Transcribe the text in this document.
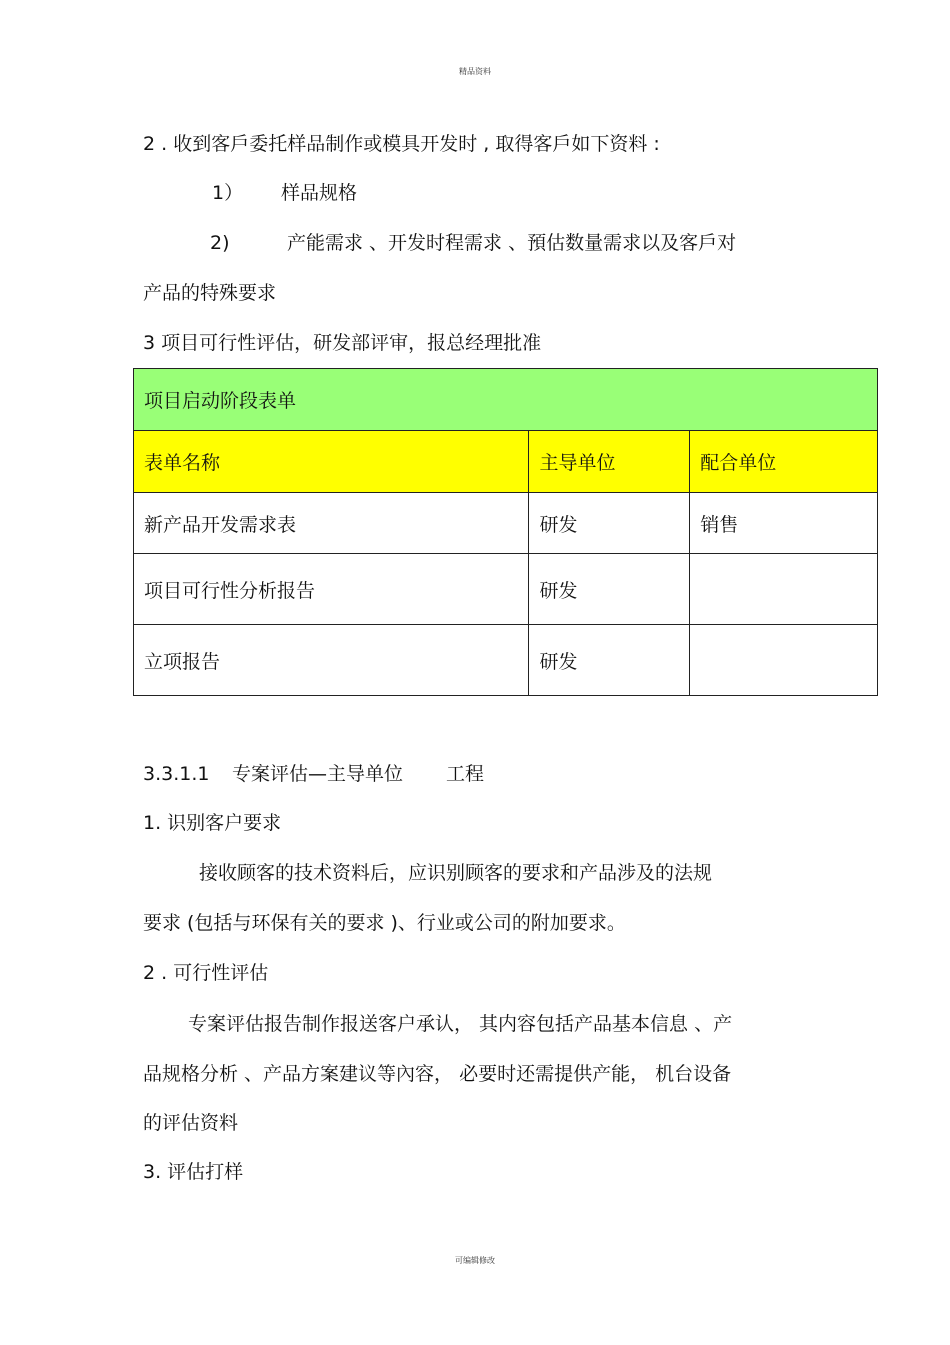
精品资料
2 . 收到客戶委托样品制作或模具开发时 , 取得客戶如下资料 :
1） 样品规格
2)	产能需求 、开发时程需求 、預估数量需求以及客戶对
产品的特殊要求
3 项目可行性评估，研发部评审，报总经理批准
项目启动阶段表单		
表单名称	主导单位	配合单位
新产品开发需求表	研发	销售
项目可行性分析报告	研发	
立项报告	研发	
3.3.1.1 专案评估—主导单位 工程
1. 识别客户要求
接收顾客的技术资料后，应识别顾客的要求和产品涉及的法规
要求 (包括与环保有关的要求 )、行业或公司的附加要求。
2 . 可行性评估
专案评估报告制作报送客户承认， 其内容包括产品基本信息 、产
品规格分析 、产品方案建议等內容， 必要时还需提供产能， 机台设备
的评估资料
3. 评估打样
可编辑修改
